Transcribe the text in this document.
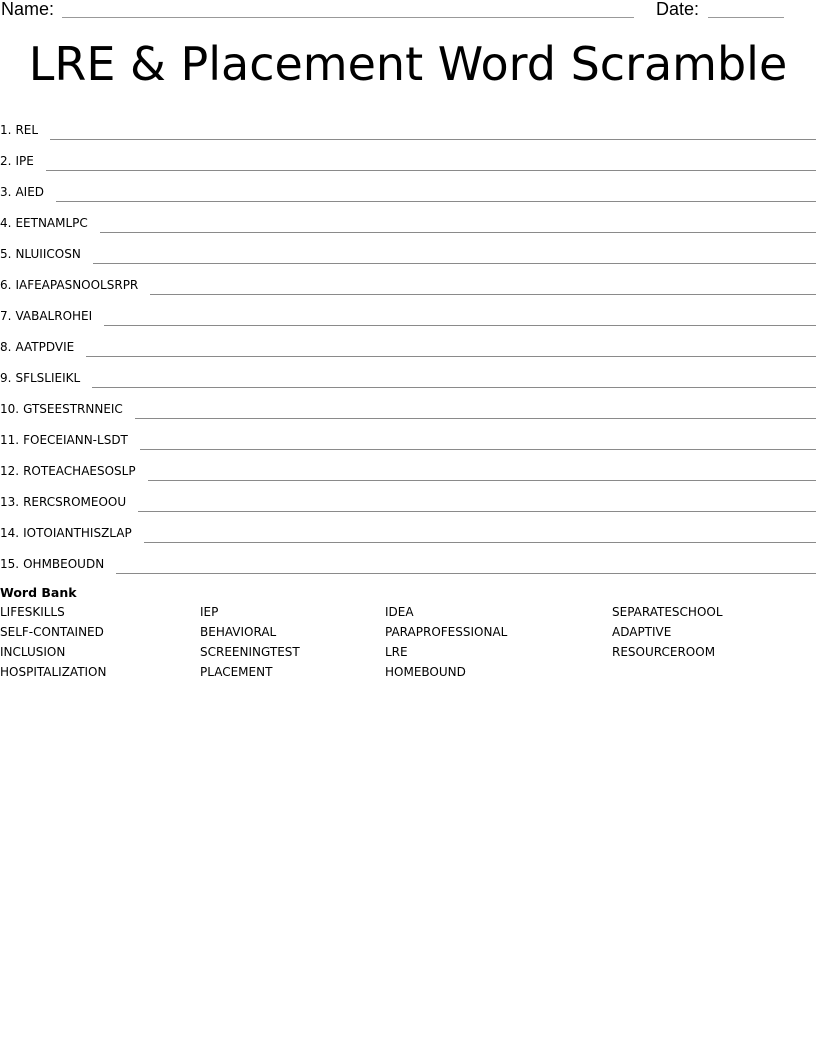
Name:	Date:
LRE & Placement Word Scramble
1. REL
2. IPE
3. AIED
4. EETNAMLPC
5. NLUIICOSN
6. IAFEAPASNOOLSRPR
7. VABALROHEI
8. AATPDVIE
9. SFLSLIEIKL
10. GTSEESTRNNEIC
11. FOECEIANN-LSDT
12. ROTEACHAESOSLP
13. RERCSROMEOOU
14. IOTOIANTHISZLAP
15. OHMBEOUDN
Word Bank
LIFESKILLS
SELF-CONTAINED
INCLUSION
HOSPITALIZATION
IEP
BEHAVIORAL
SCREENINGTEST
PLACEMENT
IDEA
PARAPROFESSIONAL
LRE
HOMEBOUND
SEPARATESCHOOL
ADAPTIVE
RESOURCEROOM
